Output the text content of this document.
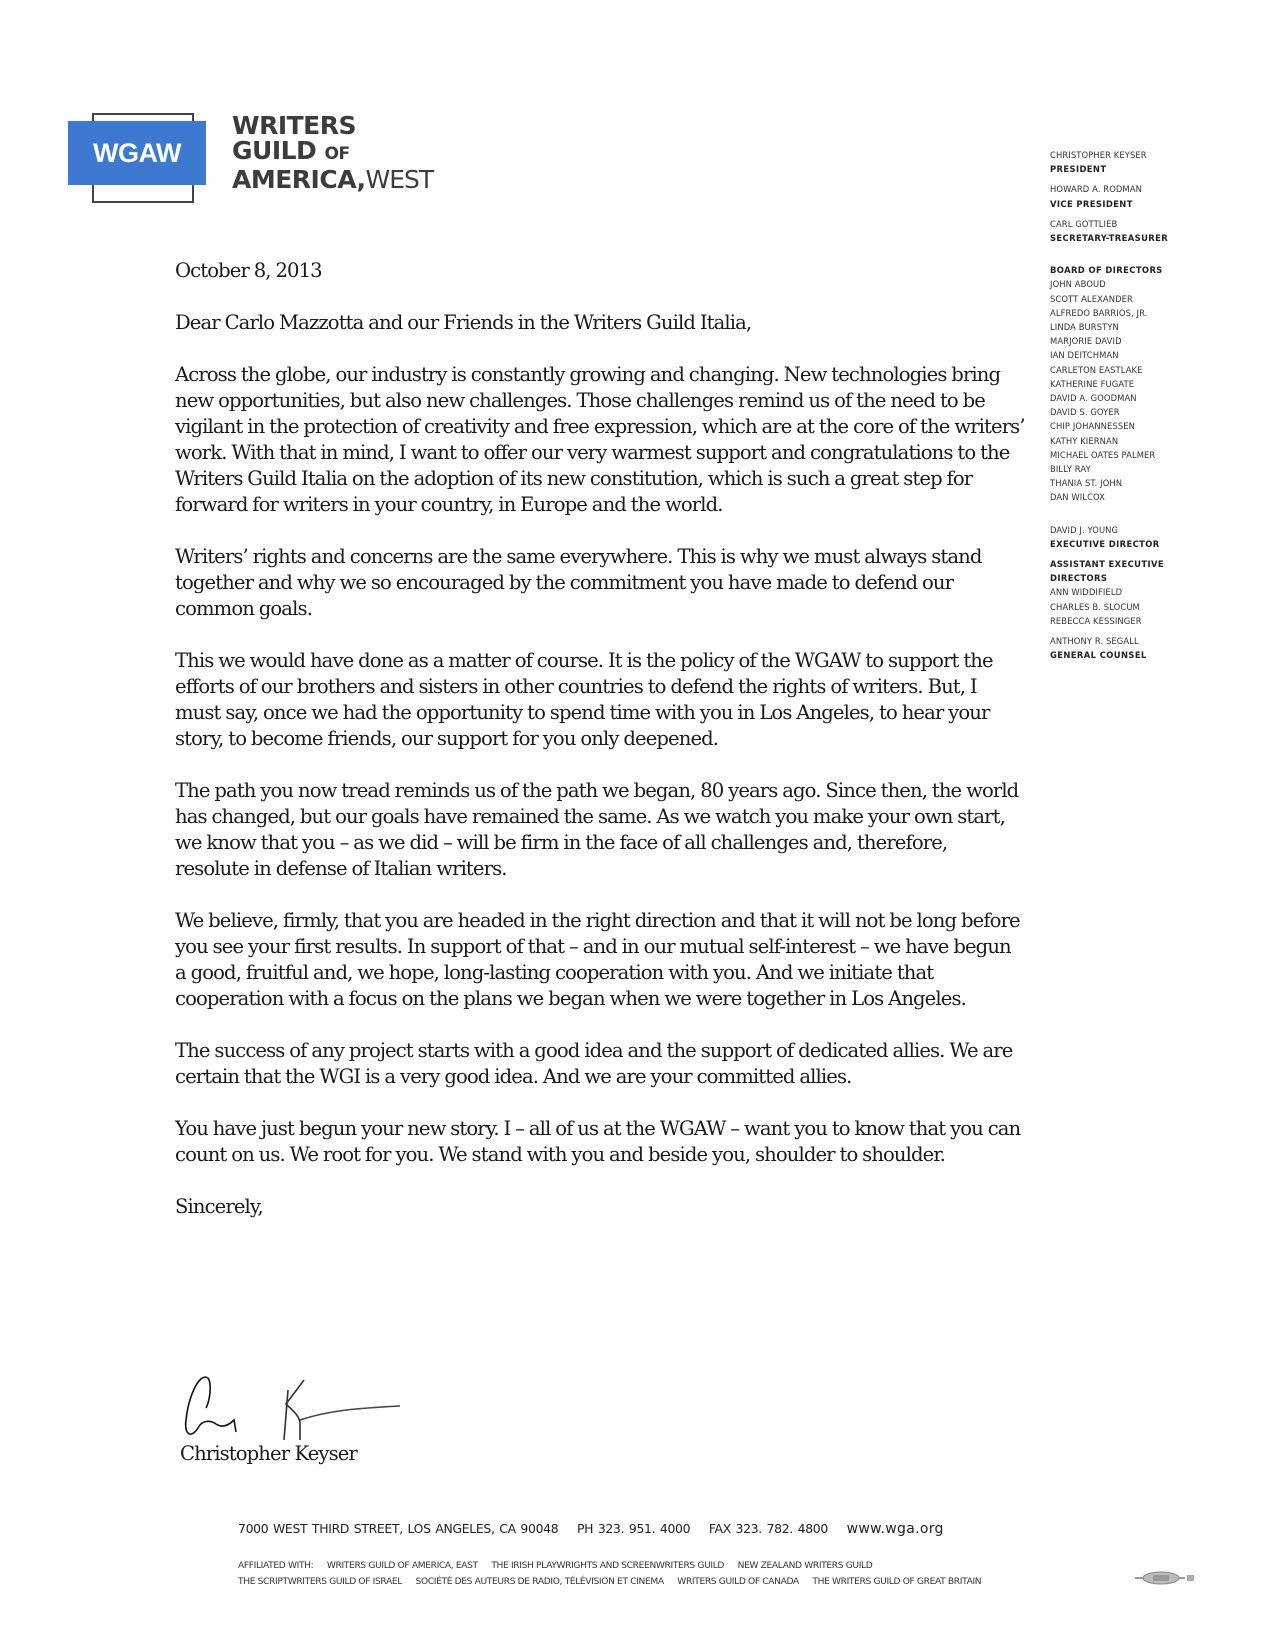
WGAW
WRITERS
GUILD OF
AMERICA,WEST
CHRISTOPHER KEYSER
PRESIDENT
HOWARD A. RODMAN
VICE PRESIDENT
CARL GOTTLIEB
SECRETARY-TREASURER
BOARD OF DIRECTORS
JOHN ABOUD
SCOTT ALEXANDER
ALFREDO BARRIOS, JR.
LINDA BURSTYN
MARJORIE DAVID
IAN DEITCHMAN
CARLETON EASTLAKE
KATHERINE FUGATE
DAVID A. GOODMAN
DAVID S. GOYER
CHIP JOHANNESSEN
KATHY KIERNAN
MICHAEL OATES PALMER
BILLY RAY
THANIA ST. JOHN
DAN WILCOX
DAVID J. YOUNG
EXECUTIVE DIRECTOR
ASSISTANT EXECUTIVE
DIRECTORS
ANN WIDDIFIELD
CHARLES B. SLOCUM
REBECCA KESSINGER
ANTHONY R. SEGALL
GENERAL COUNSEL

October 8, 2013

Dear Carlo Mazzotta and our Friends in the Writers Guild Italia,

Across the globe, our industry is constantly growing and changing. New technologies bring new opportunities, but also new challenges. Those challenges remind us of the need to be vigilant in the protection of creativity and free expression, which are at the core of the writers’ work. With that in mind, I want to offer our very warmest support and congratulations to the Writers Guild Italia on the adoption of its new constitution, which is such a great step for forward for writers in your country, in Europe and the world.

Writers’ rights and concerns are the same everywhere. This is why we must always stand together and why we so encouraged by the commitment you have made to defend our common goals.

This we would have done as a matter of course. It is the policy of the WGAW to support the efforts of our brothers and sisters in other countries to defend the rights of writers. But, I must say, once we had the opportunity to spend time with you in Los Angeles, to hear your story, to become friends, our support for you only deepened.

The path you now tread reminds us of the path we began, 80 years ago. Since then, the world has changed, but our goals have remained the same. As we watch you make your own start, we know that you – as we did – will be firm in the face of all challenges and, therefore, resolute in defense of Italian writers.

We believe, firmly, that you are headed in the right direction and that it will not be long before you see your first results. In support of that – and in our mutual self-interest – we have begun a good, fruitful and, we hope, long-lasting cooperation with you. And we initiate that cooperation with a focus on the plans we began when we were together in Los Angeles.

The success of any project starts with a good idea and the support of dedicated allies. We are certain that the WGI is a very good idea. And we are your committed allies.

You have just begun your new story. I – all of us at the WGAW – want you to know that you can count on us. We root for you. We stand with you and beside you, shoulder to shoulder.

Sincerely,

Christopher Keyser
7000 WEST THIRD STREET, LOS ANGELES, CA 90048 PH 323. 951. 4000 FAX 323. 782. 4800 www.wga.org
AFFILIATED WITH: WRITERS GUILD OF AMERICA, EAST THE IRISH PLAYWRIGHTS AND SCREENWRITERS GUILD NEW ZEALAND WRITERS GUILD
THE SCRIPTWRITERS GUILD OF ISRAEL SOCIÉTÉ DES AUTEURS DE RADIO, TÉLÉVISION ET CINEMA WRITERS GUILD OF CANADA THE WRITERS GUILD OF GREAT BRITAIN
